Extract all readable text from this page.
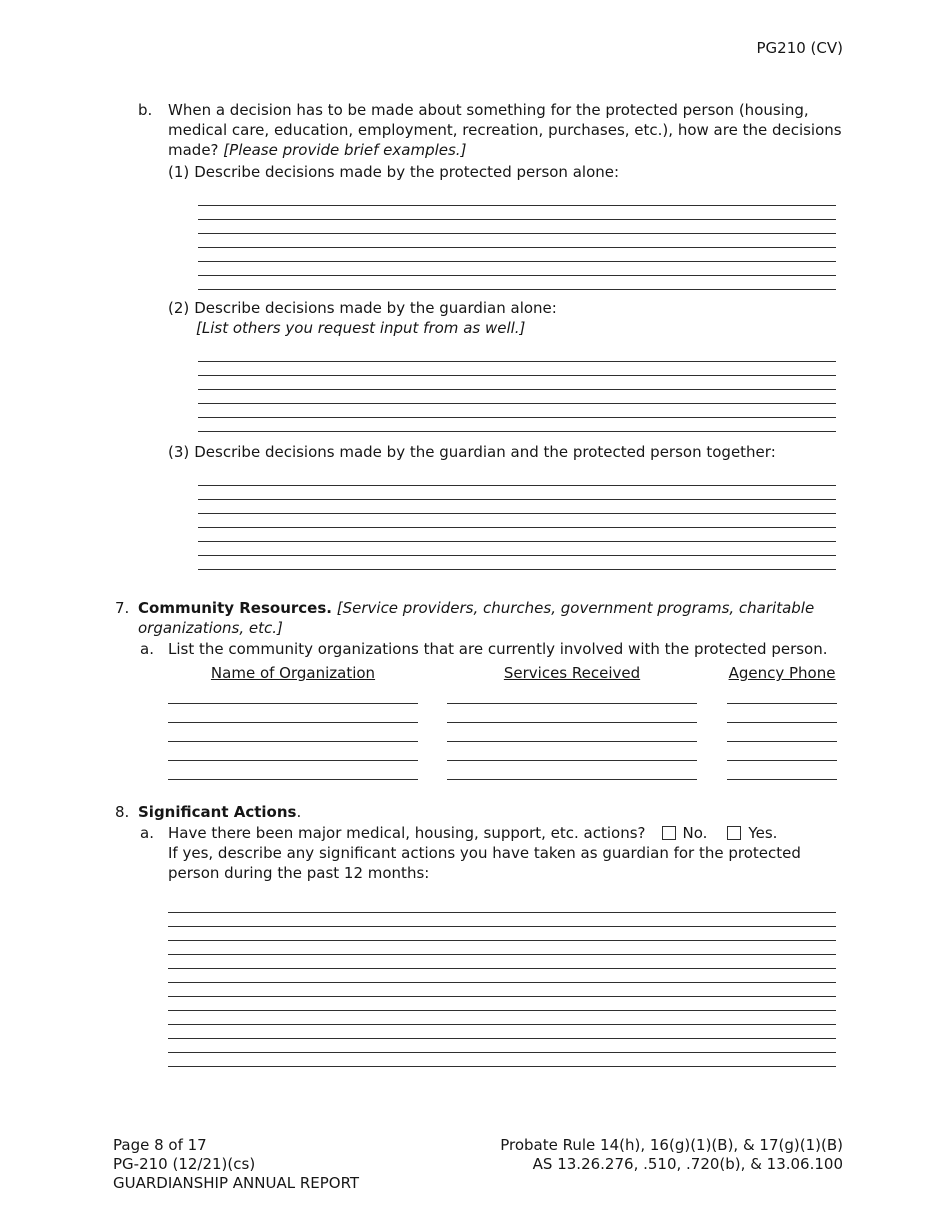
PG210 (CV)
b.	When a decision has to be made about something for the protected person (housing, medical care, education, employment, recreation, purchases, etc.), how are the decisions made? [Please provide brief examples.]

(1) Describe decisions made by the protected person alone:

(2) Describe decisions made by the guardian alone:

[List others you request input from as well.]

(3) Describe decisions made by the guardian and the protected person together:

7. Community Resources. [Service providers, churches, government programs, charitable organizations, etc.]

a. List the community organizations that are currently involved with the protected person.

Name of Organization	Services Received	Agency Phone
8. Significant Actions.

a. Have there been major medical, housing, support, etc. actions? No.	Yes.

If yes, describe any significant actions you have taken as guardian for the protected person during the past 12 months:

Page 8 of 17
PG-210 (12/21)(cs)
GUARDIANSHIP ANNUAL REPORT
Probate Rule 14(h), 16(g)(1)(B), & 17(g)(1)(B)
AS 13.26.276, .510, .720(b), & 13.06.100
